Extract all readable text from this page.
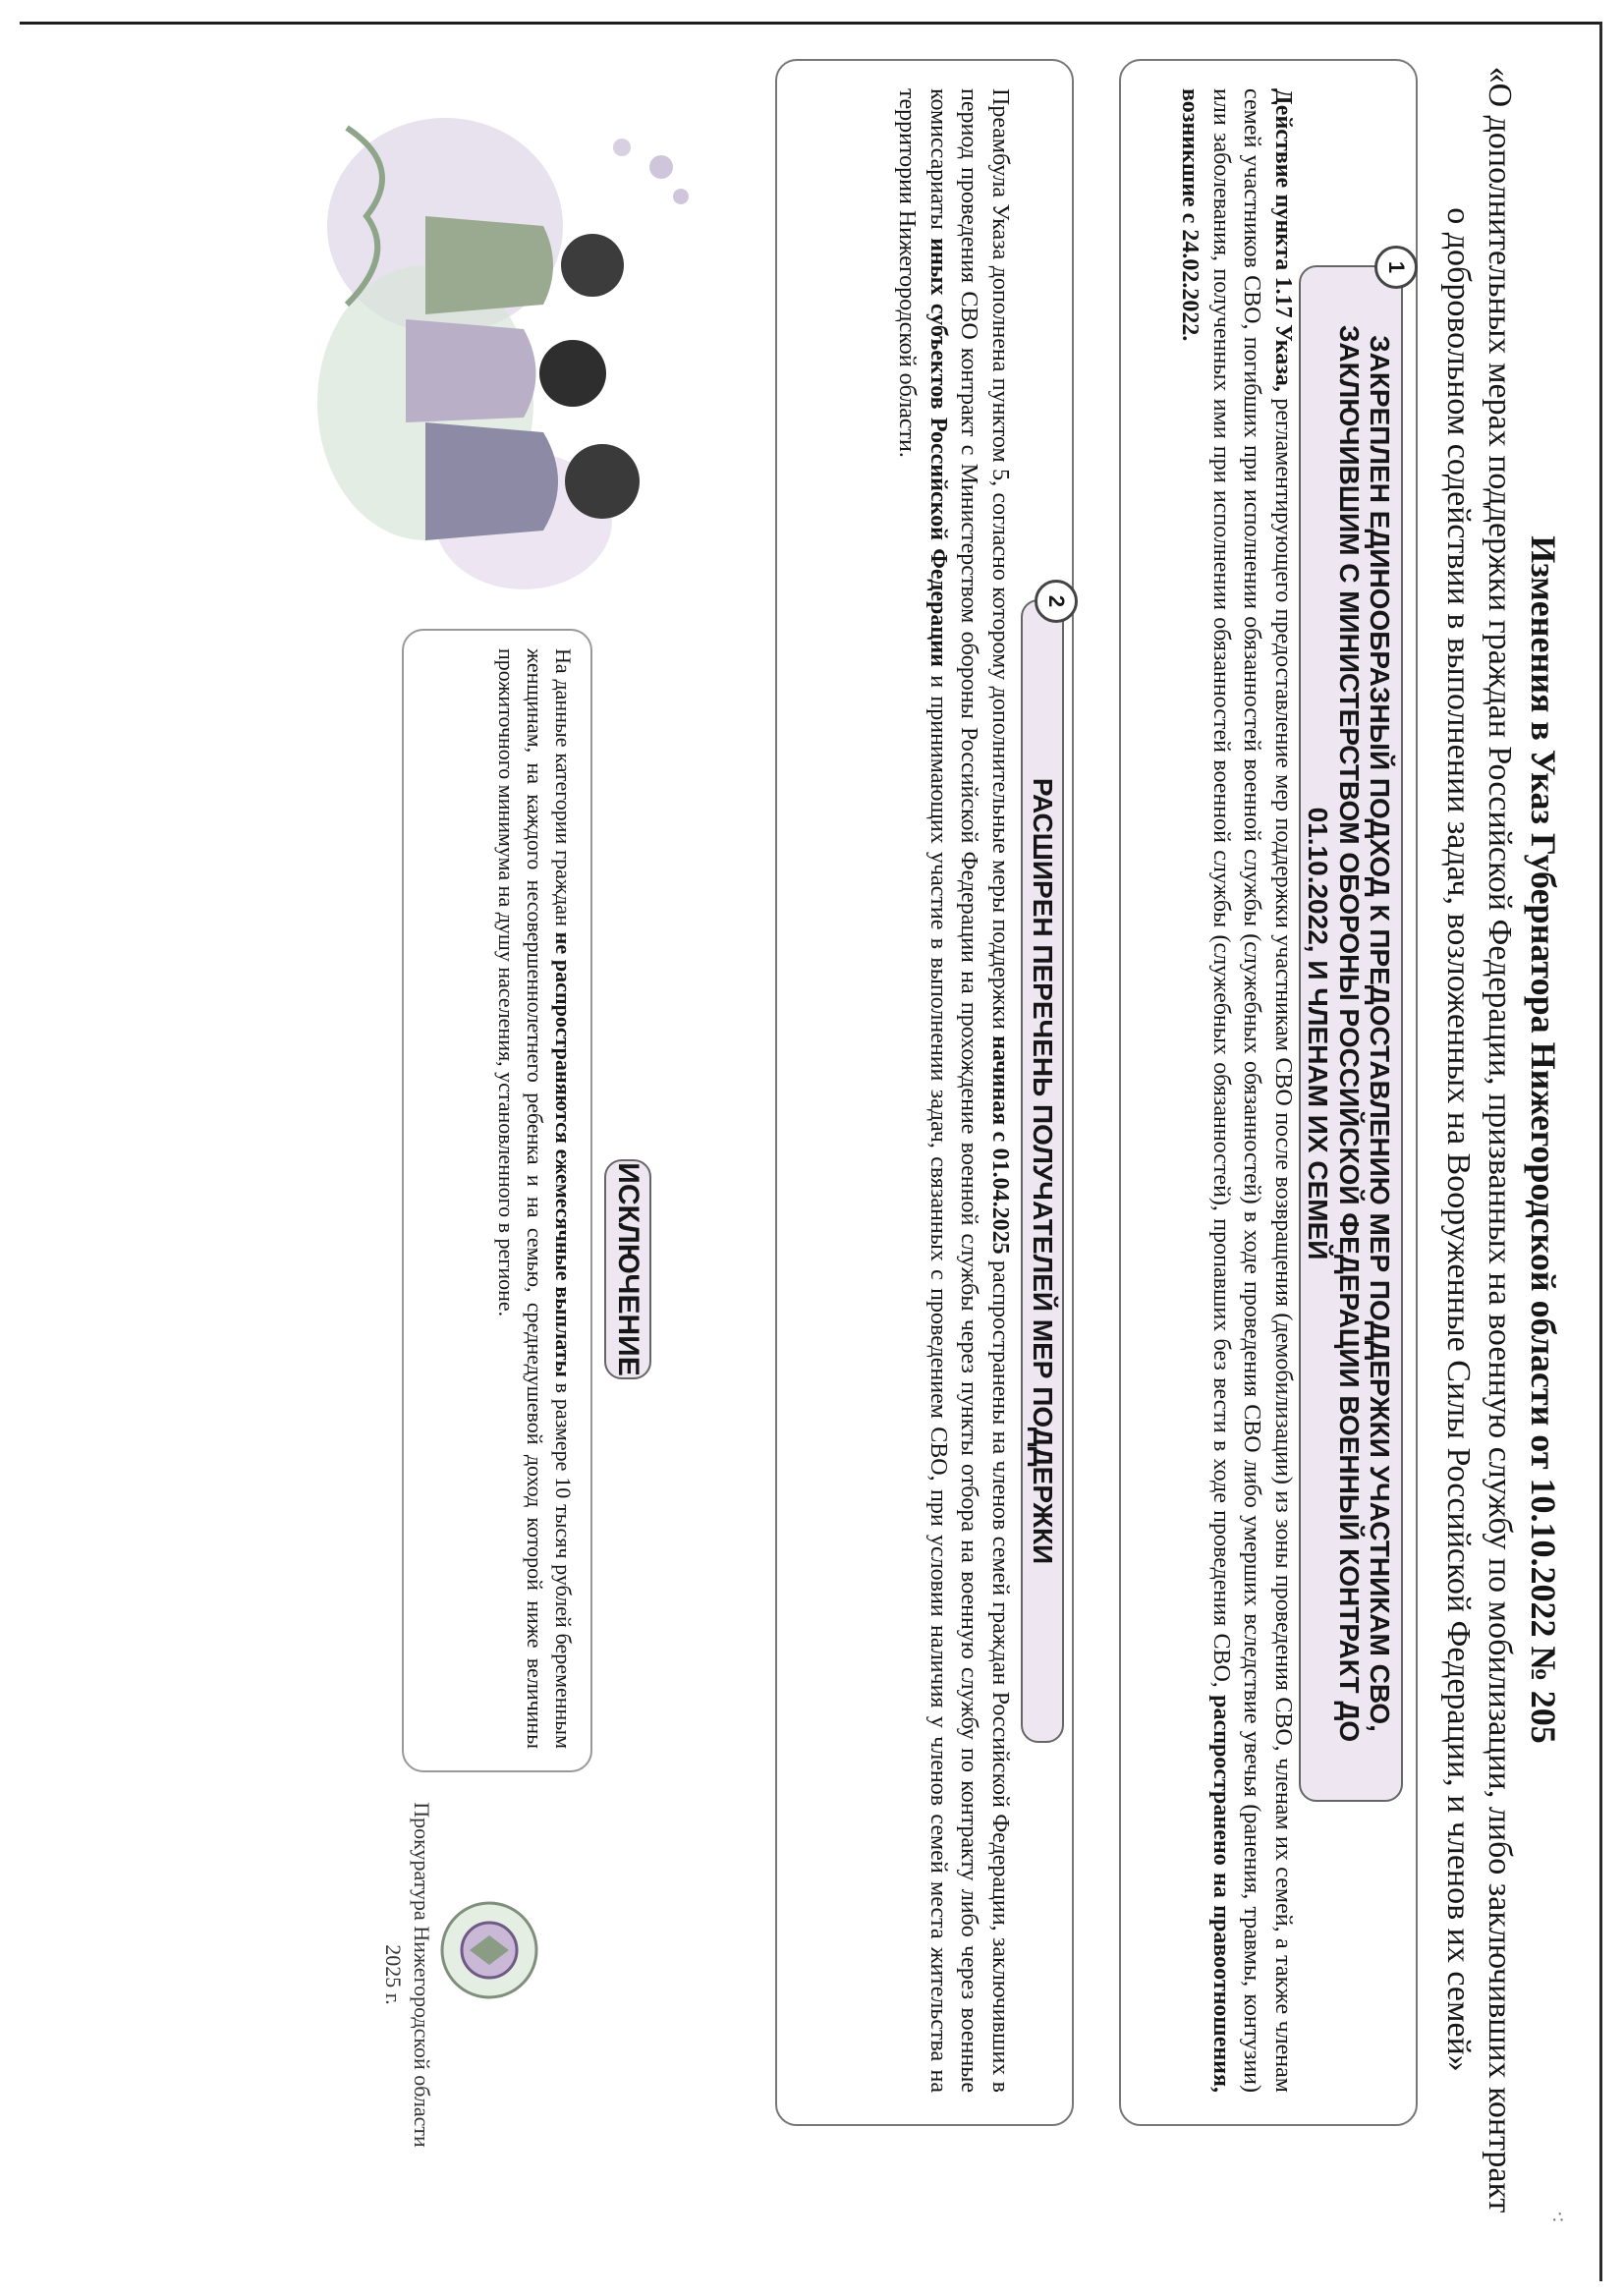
·:
Изменения в Указ Губернатора Нижегородской области от 10.10.2022 № 205
«О дополнительных мерах поддержки граждан Российской Федерации, призванных на военную службу по мобилизации, либо заключивших контракт о добровольном содействии в выполнении задач, возложенных на Вооруженные Силы Российской Федерации, и членов их семей»
ЗАКРЕПЛЕН ЕДИНООБРАЗНЫЙ ПОДХОД К ПРЕДОСТАВЛЕНИЮ МЕР ПОДДЕРЖКИ УЧАСТНИКАМ СВО, ЗАКЛЮЧИВШИМ С МИНИСТЕРСТВОМ ОБОРОНЫ РОССИЙСКОЙ ФЕДЕРАЦИИ ВОЕННЫЙ КОНТРАКТ ДО 01.10.2022, И ЧЛЕНАМ ИХ СЕМЕЙ
1
Действие пункта 1.17 Указа, регламентирующего предоставление мер поддержки участникам СВО после возвращения (демобилизации) из зоны проведения СВО, членам их семей, а также членам семей участников СВО, погибших при исполнении обязанностей военной службы (служебных обязанностей) в ходе проведения СВО либо умерших вследствие увечья (ранения, травмы, контузии) или заболевания, полученных ими при исполнении обязанностей военной службы (служебных обязанностей), пропавших без вести в ходе проведения СВО, распространено на правоотношения, возникшие с 24.02.2022.
РАСШИРЕН ПЕРЕЧЕНЬ ПОЛУЧАТЕЛЕЙ МЕР ПОДДЕРЖКИ
2
Преамбула Указа дополнена пунктом 5, согласно которому дополнительные меры поддержки начиная с 01.04.2025 распространены на членов семей граждан Российской Федерации, заключивших в период проведения СВО контракт с Министерством обороны Российской Федерации на прохождение военной службы через пункты отбора на военную службу по контракту либо через военные комиссариаты иных субъектов Российской Федерации и принимающих участие в выполнении задач, связанных с проведением СВО, при условии наличия у членов семей места жительства на территории Нижегородской области.
ИСКЛЮЧЕНИЕ
На данные категории граждан не распространяются ежемесячные выплаты в размере 10 тысяч рублей беременным женщинам, на каждого несовершеннолетнего ребенка и на семью, среднедушевой доход которой ниже величины прожиточного минимума на душу населения, установленного в регионе.
Прокуратура Нижегородской области
2025 г.
